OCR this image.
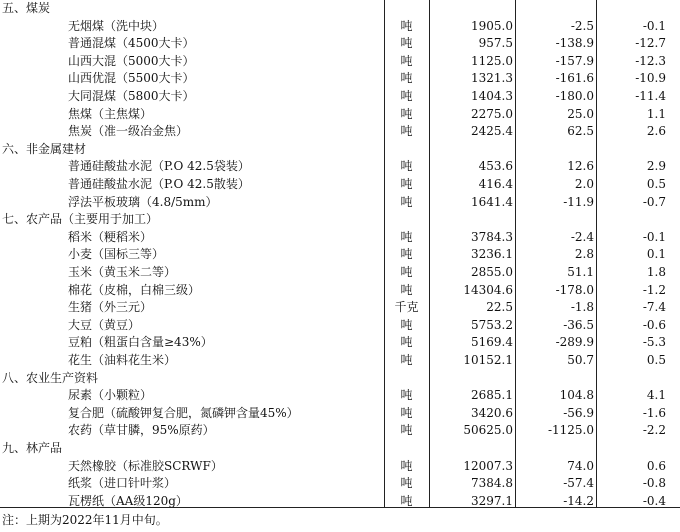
五、煤炭
无烟煤（洗中块）	吨	1905.0	-2.5	-0.1
普通混煤（4500大卡）	吨	957.5	-138.9	-12.7
山西大混（5000大卡）	吨	1125.0	-157.9	-12.3
山西优混（5500大卡）	吨	1321.3	-161.6	-10.9
大同混煤（5800大卡）	吨	1404.3	-180.0	-11.4
焦煤（主焦煤）	吨	2275.0	25.0	1.1
焦炭（准一级冶金焦）	吨	2425.4	62.5	2.6
六、非金属建材
普通硅酸盐水泥（P.O 42.5袋装）	吨	453.6	12.6	2.9
普通硅酸盐水泥（P.O 42.5散装）	吨	416.4	2.0	0.5
浮法平板玻璃（4.8/5mm）	吨	1641.4	-11.9	-0.7
七、农产品（主要用于加工）
稻米（粳稻米）	吨	3784.3	-2.4	-0.1
小麦（国标三等）	吨	3236.1	2.8	0.1
玉米（黄玉米二等）	吨	2855.0	51.1	1.8
棉花（皮棉，白棉三级）	吨	14304.6	-178.0	-1.2
生猪（外三元）	千克	22.5	-1.8	-7.4
大豆（黄豆）	吨	5753.2	-36.5	-0.6
豆粕（粗蛋白含量≥43%）	吨	5169.4	-289.9	-5.3
花生（油料花生米）	吨	10152.1	50.7	0.5
八、农业生产资料
尿素（小颗粒）	吨	2685.1	104.8	4.1
复合肥（硫酸钾复合肥，氮磷钾含量45%）	吨	3420.6	-56.9	-1.6
农药（草甘膦，95%原药）	吨	50625.0	-1125.0	-2.2
九、林产品
天然橡胶（标准胶SCRWF）	吨	12007.3	74.0	0.6
纸浆（进口针叶浆）	吨	7384.8	-57.4	-0.8
瓦楞纸（AA级120g）	吨	3297.1	-14.2	-0.4
注：上期为2022年11月中旬。
